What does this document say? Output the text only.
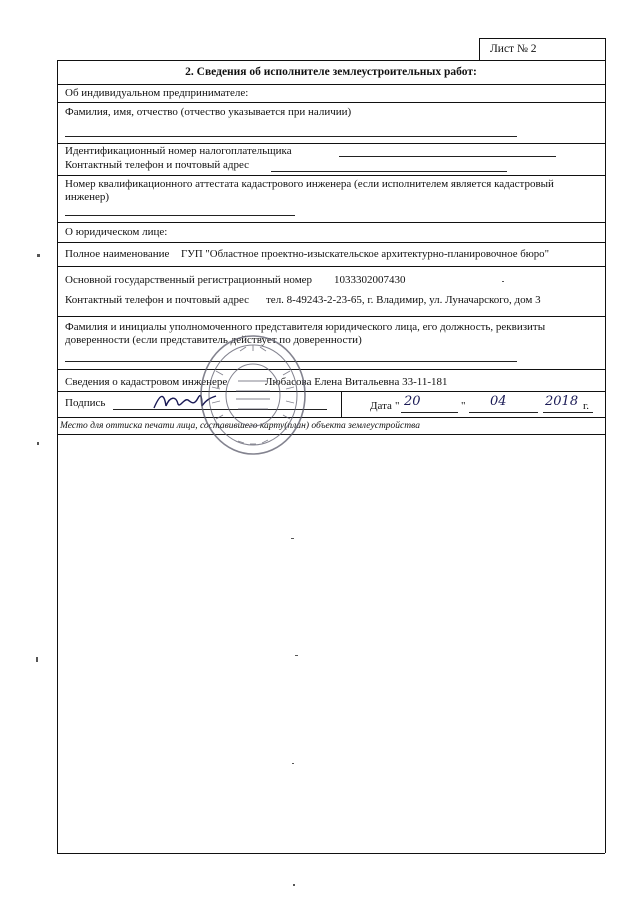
Лист № 2
2. Сведения об исполнителе землеустроительных работ:
Об индивидуальном предпринимателе:
Фамилия, имя, отчество (отчество указывается при наличии)
Идентификационный номер налогоплательщика
Контактный телефон и почтовый адрес
Номер квалификационного аттестата кадастрового инженера (если исполнителем является кадастровый инженер)
О юридическом лице:
Полное наименование ГУП "Областное проектно-изыскательское архитектурно-планировочное бюро"
Основной государственный регистрационный номер 1033302007430
Контактный телефон и почтовый адрес тел. 8-49243-2-23-65, г. Владимир, ул. Луначарского, дом 3
Фамилия и инициалы уполномоченного представителя юридического лица, его должность, реквизиты доверенности (если представитель действует по доверенности)
Сведения о кадастровом инженере	Любасова Елена Витальевна 33-11-181
Подпись	Дата " 20	" 04	2018 г.
Место для оттиска печати лица, составившего карту(план) объекта землеустройства
